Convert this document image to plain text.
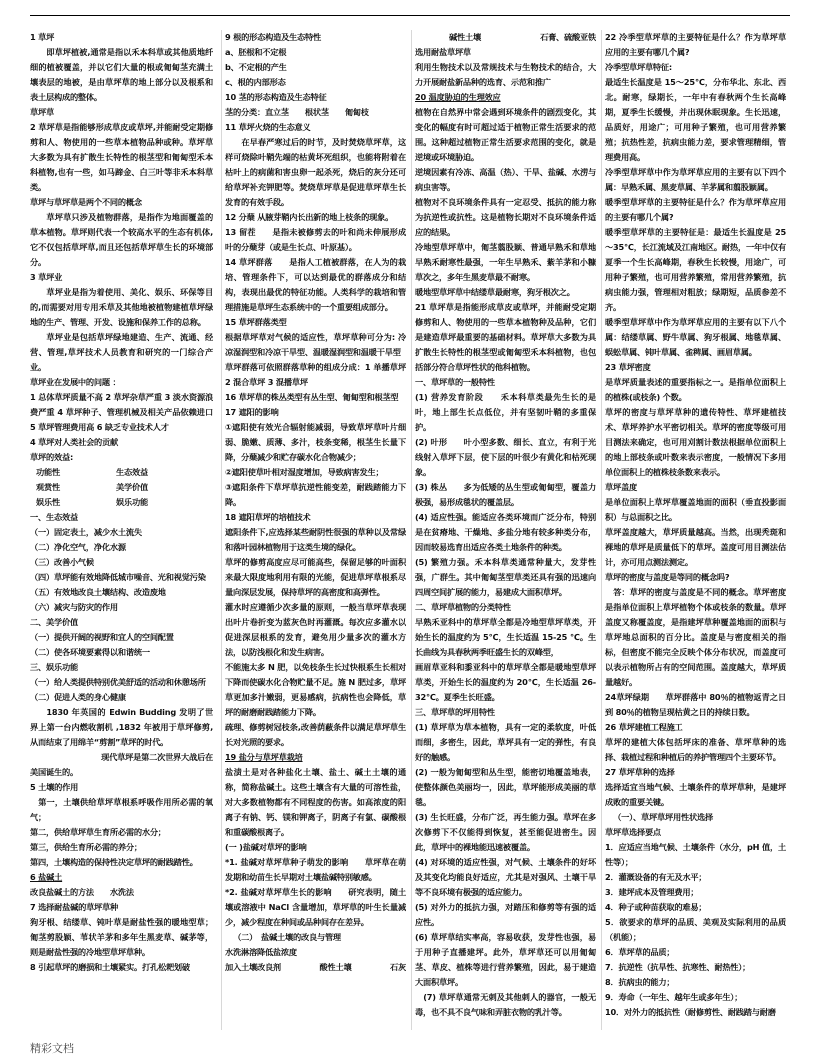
1 草坪
即草坪植被,通常是指以禾本科草或其他质地纤细的植被覆盖，并以它们大量的根或匍匐茎充满土壤表层的地被，是由草坪草的地上部分以及根系和表土层构成的整体。
草坪草
2 草坪草是指能够形成草皮或草坪,并能耐受定期修剪和人、物使用的一些草本植物品种或种。草坪草大多数为具有扩散生长特性的根茎型和匍匐型禾本科植物,也有一些，如马蹄金、白三叶等非禾本科草类。
草坪与草坪草是两个不同的概念
草坪草只涉及植物群落，是指作为地面覆盖的草本植物。草坪则代表一个较高水平的生态有机体,它不仅包括草坪草,而且还包括草坪草生长的环境部分。
3 草坪业
草坪业是指为着使用、美化、娱乐、环保等目的,而需要对用专用禾草及其他地被植物建植草坪绿地的生产、管理、开发、设施和保养工作的总称。
草坪业是包括草坪绿地建造、生产、流通、经营、管理,草坪技术人员教育和研究的一门综合产业。
草坪业在发展中的问题 ：
1 总体草坪质量不高 2 草坪杂草严重 3 淡水资源浪费严重 4 草坪种子、管理机械及相关产品依赖进口 5 草坪管理费用高 6 缺乏专业技术人才
4 草坪对人类社会的贡献
草坪的效益:
功能性	生态效益
观赏性	美学价值
娱乐性	娱乐功能
一、生态效益
（一）固定表土，减少水土流失
（二）净化空气，净化水源
（三）改善小气候
（四）草坪能有效地降低城市噪音、光和视觉污染
（五）有效地改良土壤结构、改造废地
（六）减灾与防灾的作用
二、美学价值
（一）提供开阔的视野和宜人的空间配置
（二）使各环境要素得以和谐统一
三、娱乐功能
（一）给人类提供特别优美舒适的活动和休憩场所
（二）促进人类的身心健康
1830 年英国的 Edwin Budding 发明了世界上第一台内燃收割机 ,1832 年被用于草坪修剪,从而结束了用绵羊“剪割”草坪的时代。
现代草坪是第二次世界大战后在
美国诞生的。
5 土壤的作用
第一，土壤供给草坪草根系呼吸作用所必需的氧气；
第二，供给草坪草生育所必需的水分；
第三，供给生育所必需的养分；
第四，土壤构造的保持性决定草坪的耐践踏性。
6 盐碱土
改良盐碱土的方法　　水洗法
7 选择耐盐碱的草坪草种
狗牙根、结缕草、钝叶草是耐盐性强的暖地型草；匍茎剪股颖、苇状羊茅和多年生黑麦草、碱茅等，则是耐盐性强的冷地型草坪草种。
8 引起草坪的磨损和土壤紧实。打孔松耙划破
9 根的形态构造及生态特性
a、胚根和不定根
b、不定根的产生
c、根的内部形态
10 茎的形态构造及生态特征
茎的分类：直立茎　　根状茎　　匍匐枝
11 草坪火烧的生态意义
在早春严寒过后的时节，及时焚烧草坪草，这样可烧除叶鞘先端的枯黄坏死组织，也能将附着在枯叶上的病菌和害虫卵一起杀死，烧后的灰分还可给草坪补充钾肥等。焚烧草坪草是促进草坪草生长发育的有效手段。
12 分蘖 从腋芽鞘内长出新的地上枝条的现象。
13 留茬　　是指未被修剪去的叶和尚未伸展形成叶的分蘖芽（或是生长点、叶原基）。
14 草坪群落　　是指人工植被群落，在人为的栽培、管理条件下，可以达到最优的群落成分和结构，表现出最优的特征功能。人类科学的栽培和管理措施是草坪生态系统中的一个重要组成部分。
15 草坪群落类型
根据草坪草对气候的适应性，草坪草种可分为: 冷凉湿润型和冷凉干旱型、温暖湿润型和温暖干旱型
草坪群落可依照群落草种的组成分成：1 单播草坪 2 混合草坪 3 混播草坪
16 草坪草的株丛类型有丛生型、匍匐型和根茎型
17 遮阳的影响
①遮阳使有效光合辐射能减弱，导致草坪草叶片细弱、脆嫩、质薄、多汁，枝条变稀，根茎生长量下降，分蘖减少和贮存碳水化合物减少；
②遮阳使草叶相对湿度增加，导致病害发生；
③遮阳条件下草坪草抗逆性能变差，耐践踏能力下降。
18 遮阳草坪的培植技术
遮阳条件下,应选择某些耐阴性很强的草种以及常绿和落叶园林植物用于这类生境的绿化。
草坪的修剪高度应尽可能高些，保留足够的叶面积来最大限度地利用有限的光能，促进草坪草根系尽量向深层发展，保持草坪的高密度和高弹性。
灌水时应遵循少次多量的原则，一般当草坪草表现出叶片卷折变为蓝灰色时再灌溉。每次应多灌水以促进深层根系的发育，避免用少量多次的灌水方法，以防浅根化和发生病害。
不能施太多 N 肥，以免枝条生长过快根系生长相对下降而使碳水化合物贮量不足。施 N 肥过多，草坪草更加多汁嫩弱，更易感病，抗病性也会降低，草坪的耐磨耐践踏能力下降。
疏理、修剪树冠枝条,改善荫蔽条件以满足草坪草生长对光照的要求。
19 盐分与草坪草栽培
盐渍土是对各种盐化土壤、盐土、碱土土壤的通称，简称盐碱土。这些土壤含有大量的可溶性盐，对大多数植物都有不同程度的伤害。如高浓度的阳离子有钠、钙、镁和钾离子，阴离子有氯、碳酸根和重碳酸根离子。
(一 )盐碱对草坪的影响
*1. 盐碱对草坪草种子萌发的影响　　草坪草在萌发期和幼苗生长早期对土壤盐碱特别敏感。
*2. 盐碱对草坪草生长的影响　　研究表明，随土壤或溶液中 NaCl 含量增加，草坪草的叶生长量减少，减少程度在种间或品种间存在差异。
（二）　盐碱土壤的改良与管理
水洗淋溶降低盐浓度
加入土壤改良剂	酸性土壤	石灰
碱性土壤	石膏、硫酸亚铁
选用耐盐草坪草
利用生物技术以及常规技术与生物技术的结合，大力开展耐盐新品种的选育、示范和推广
20 温度胁迫的生理效应
植物在自然界中常会遇到环境条件的剧烈变化，其变化的幅度有时可超过适于植物正常生活要求的范围。这种超过植物正常生活要求范围的变化，就是逆境或环境胁迫。
逆境因素有冷冻、高温（热）、干旱、盐碱、水涝与病虫害等。
植物对不良环境条件具有一定忍受、抵抗的能力称为抗逆性或抗性。这是植物长期对不良环境条件适应的结果。
冷地型草坪草中，匍茎翦股颖、普通早熟禾和草地早熟禾耐寒性最强，一年生早熟禾、紫羊茅和小糠草次之，多年生黑麦草最不耐寒。
暖地型草坪草中结缕草最耐寒，狗牙根次之。
21 草坪草是指能形成草皮或草坪，并能耐受定期修剪和人、物使用的一些草本植物种及品种，它们是建造草坪最重要的基础材料。草坪草大多数为具扩散生长特性的根茎型或匍匐型禾本科植物，也包括部分符合草坪性状的他科植物。
一、草坪草的一般特性
(1) 营养发育阶段　　禾本科草类最先生长的是叶，地上部生长点低位，并有坚韧叶鞘的多重保护。
(2) 叶形　　叶小型多数、细长、直立，有利于光线射入草坪下层，使下层的叶很少有黄化和枯死现象。
(3) 株丛　　多为低矮的丛生型或匍匐型，覆盖力极强，易形成毯状的覆盖层。
(4) 适应性强。能适应各类环境而广泛分布，特别是在贫瘠地、干燥地、多盐分地有较多种类分布，因而较易选育出适应各类土地条件的种类。
(5) 繁殖力强。禾本科草类通常种量大，发芽性强，广群生。其中匍匐茎型草类还具有强的迅速向四周空间扩展的能力，易建成大面积草坪。
二、草坪草植物的分类特性
早熟禾亚科中的草坪草全都是冷地型草坪草类，开始生长的温度约为 5℃，生长适温 15-25 ℃。生长曲线为具春秋两季旺盛生长的双峰型，
画眉草亚科和黍亚科中的草坪草全都是暖地型草坪草类，开始生长的温度约为 20℃，生长适温 26-32℃。夏季生长旺盛。
三、草坪草的坪用特性
(1) 草坪草为草本植物，具有一定的柔软度，叶低而细，多密生，因此，草坪具有一定的弹性，有良好的触感。
(2) 一般为匍匐型和丛生型，能密切地覆盖地表，使整体颜色美丽均一，因此，草坪能形成美丽的草毯。
(3) 生长旺盛，分布广泛，再生能力强。草坪在多次修剪下不仅能得到恢复，甚至能促进密生。因此，草坪中的裸地能迅速被覆盖。
(4) 对环境的适应性强，对气候、土壤条件的好坏及其变化均能良好适应，尤其是对强风、土壤干旱等不良环境有极强的适应能力。
(5) 对外力的抵抗力强，对踏压和修剪等有强的适应性。
(6) 草坪草结实率高，容易收获，发芽性也强，易于用种子直播建坪。此外，草坪草还可以用匍匐茎、草皮、植株等进行营养繁殖，因此，易于建造大面积草坪。
(7) 草坪草通常无刺及其他刺人的器官，一般无毒，也不具不良气味和弄脏衣物的乳汁等。
22 冷季型草坪草的主要特征是什么？作为草坪草应用的主要有哪几个属?
冷季型草坪草特征:
最适生长温度是 15～25℃，分布华北、东北、西北。耐寒，绿期长，一年中有春秋两个生长高峰期，夏季生长缓慢，并出现休眠现象。生长迅速，品质好，用途广；可用种子繁殖，也可用营养繁殖；抗热性差，抗病虫能力差，要求管理精细，管理费用高。
冷季型草坪草中作为草坪草应用的主要有以下四个属：早熟禾属、黑麦草属、羊茅属和翦股颖属。
暖季型草坪草的主要特征是什么？作为草坪草应用的主要有哪几个属?
暖季型草坪草的主要特征是：最适生长温度是 25～35℃，长江流域及江南地区。耐热，一年中仅有夏季一个生长高峰期，春秋生长较慢，用途广，可用种子繁殖，也可用营养繁殖，常用营养繁殖，抗病虫能力强，管理相对粗放；绿期短，品质参差不齐。
暖季型草坪草中作为草坪草应用的主要有以下八个属：结缕草属、野牛草属、狗牙根属、地毯草属、蜈蚣草属、钝叶草属、雀稗属、画眉草属。
23 草坪密度
是草坪质量表述的重要指标之一。是指单位面积上的植株(或枝条) 个数。
草坪的密度与草坪草种的遗传特性、草坪建植技术、草坪养护水平密切相关。草坪的密度等级可用目测法来确定，也可用刈割计数法根据单位面积上的地上部枝条或叶数来表示密度，一般情况下多用单位面积上的植株枝条数来表示。
草坪盖度
是单位面积上草坪草覆盖地面的面积（垂直投影面积）与总面积之比。
草坪盖度越大，草坪质量越高。当然，出现秃斑和裸地的草坪是质量低下的草坪。盖度可用目测法估计，亦可用点测法测定。
草坪的密度与盖度是等同的概念吗?
答：草坪的密度与盖度是不同的概念。草坪密度是指单位面积上草坪植物个体或枝条的数量。草坪盖度又称覆盖度，是指建坪草种覆盖地面的面积与草坪地总面积的百分比。盖度是与密度相关的指标，但密度不能完全反映个体分布状况，而盖度可以表示植物所占有的空间范围。盖度越大，草坪质量越好。
24草坪绿期　　草坪群落中 80％的植物返青之日到 80％的植物呈现枯黄之日的持续日数。
26 草坪建植工程施工
草坪的建植大体包括坪床的准备、草坪草种的选择、栽植过程和种植后的养护管理四个主要环节。
27 草坪草种的选择
选择适宜当地气候、土壤条件的草坪草种，是建坪成败的重要关键。
（一）、草坪草坪用性状选择
草坪草选择要点
1．应适应当地气候、土壤条件（水分，pH 值，土性等）；
2．灌溉设备的有无及水平；
3．建坪成本及管理费用；
4．种子或种苗获取的难易；
5．欲要求的草坪的品质、美观及实际利用的品质（机能）；
6．草坪草的品质；
7．抗逆性（抗旱性、抗寒性、耐热性）；
8．抗病虫的能力；
9．寿命（一年生、越年生或多年生）；
10．对外力的抵抗性（耐修剪性、耐践踏与耐磨
精彩文档
